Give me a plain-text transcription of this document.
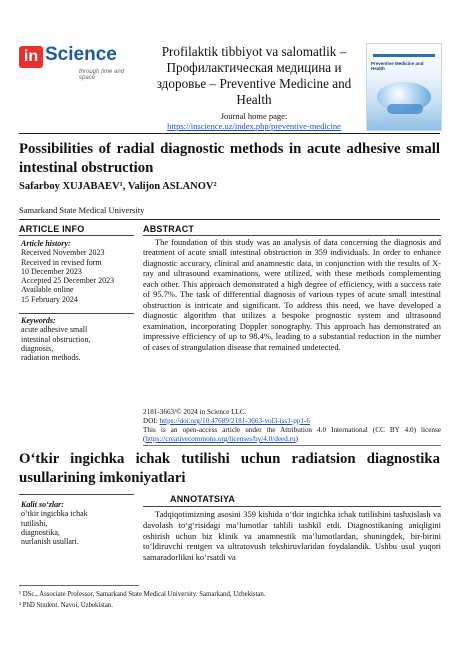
in Science
through time and space
Profilaktik tibbiyot va salomatlik – Профилактическая медицина и здоровье – Preventive Medicine and Health
Journal home page:
https://inscience.uz/index.php/preventive-medicine
Preventive Medicine and Health
Possibilities of radial diagnostic methods in acute adhesive small intestinal obstruction
Safarboy XUJABAEV¹, Valijon ASLANOV²
Samarkand State Medical University
ARTICLE INFO
Article history:
Received November 2023
Received in revised form
10 December 2023
Accepted 25 December 2023
Available online
15 February 2024
Keywords:
acute adhesive small
intestinal obstruction,
diagnosis,
radiation methods.
ABSTRACT
The foundation of this study was an analysis of data concerning the diagnosis and treatment of acute small intestinal obstruction in 359 individuals. In order to enhance diagnostic accuracy, clinical and anamnestic data, in conjunction with the results of X-ray and ultrasound examinations, were utilized, with these methods complementing each other. This approach demonstrated a high degree of efficiency, with a success rate of 95.7%. The task of differential diagnosis of various types of acute small intestinal obstruction is intricate and significant. To address this need, we have developed a diagnostic algorithm that utilizes a bespoke prognostic system and ultrasound examination, incorporating Doppler sonography. This approach has demonstrated an impressive efficiency of up to 98.4%, leading to a substantial reduction in the number of cases of strangulation disease that remained undetected.
2181-3663/© 2024 in Science LLC.
DOI: https://doi.org/10.47689/2181-3663-vol3-iss1-pp1-6
This is an open-access article under the Attribution 4.0 International (CC BY 4.0) license (https://creativecommons.org/licenses/by/4.0/deed.ru)
O‘tkir ingichka ichak tutilishi uchun radiatsion diagnostika usullarining imkoniyatlari
Kalit so‘zlar:
o‘tkir ingichka ichak
tutilishi,
diagnostika,
nurlanish usullari.
ANNOTATSIYA
Tadqiqotimizning asosini 359 kishida o‘tkir ingichka ichak tutilishini tashxislash va davolash to‘g‘risidagi ma’lumotlar tahlili tashkil etdi. Diagnostikaning aniqligini oshirish uchun biz klinik va anamnestik ma’lumotlardan, shuningdek, bir-birini to‘ldiruvchi rentgen va ultratovush tekshiruvlaridan foydalandik. Ushbu usul yuqori samaradorlikni ko‘rsatdi va
¹ DSc., Associate Professor, Samarkand State Medical University. Samarkand, Uzbekistan.
² PhD Student. Navoi, Uzbekistan.
